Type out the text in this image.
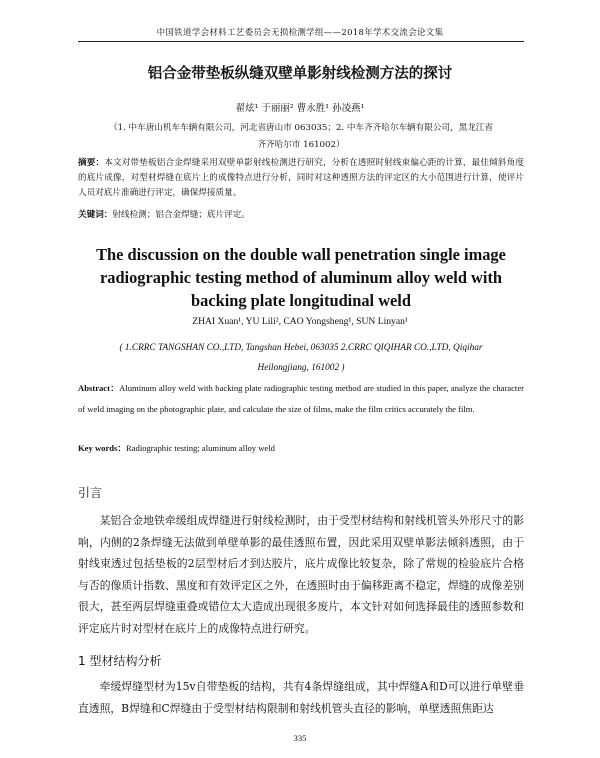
中国铁道学会材料工艺委员会无损检测学组——2018年学术交流会论文集
铝合金带垫板纵缝双壁单影射线检测方法的探讨
翟炫¹ 于丽丽² 曹永胜¹ 孙凌燕¹
（1. 中车唐山机车车辆有限公司，河北省唐山市 063035；2. 中车齐齐哈尔车辆有限公司，黑龙江省
齐齐哈尔市 161002）
摘要：本文对带垫板铝合金焊缝采用双壁单影射线检测进行研究，分析在透照时射线束偏心距的计算，最佳倾斜角度的底片成像，对型材焊缝在底片上的成像特点进行分析，同时对这种透照方法的评定区的大小范围进行计算，使评片人员对底片准确进行评定，确保焊接质量。
关键词：射线检测；铝合金焊缝；底片评定。
The discussion on the double wall penetration single image radiographic testing method of aluminum alloy weld with backing plate longitudinal weld
ZHAI Xuan¹, YU Lili², CAO Yongsheng¹, SUN Linyan¹
( 1.CRRC TANGSHAN CO.,LTD, Tangshan Hebei, 063035 2.CRRC QIQIHAR CO.,LTD, Qiqihar
Heilongjiang, 161002 )
Abstract：Aluminum alloy weld with backing plate radiographic testing method are studied in this paper, analyze the character of weld imaging on the photographic plate, and calculate the size of films, make the film critics accurately the film.
Key words：Radiographic testing; aluminum alloy weld
引言
某铝合金地铁牵缓组成焊缝进行射线检测时，由于受型材结构和射线机管头外形尺寸的影响，内侧的2条焊缝无法做到单壁单影的最佳透照布置，因此采用双壁单影法倾斜透照，由于射线束透过包括垫板的2层型材后才到达胶片，底片成像比较复杂，除了常规的检验底片合格与否的像质计指数、黑度和有效评定区之外，在透照时由于偏移距离不稳定，焊缝的成像差别很大，甚至两层焊缝重叠或错位太大造成出现很多废片，本文针对如何选择最佳的透照参数和评定底片时对型材在底片上的成像特点进行研究。
1 型材结构分析
牵缓焊缝型材为15v自带垫板的结构，共有4条焊缝组成，其中焊缝A和D可以进行单壁垂直透照，B焊缝和C焊缝由于受型材结构限制和射线机管头直径的影响，单壁透照焦距达
335
